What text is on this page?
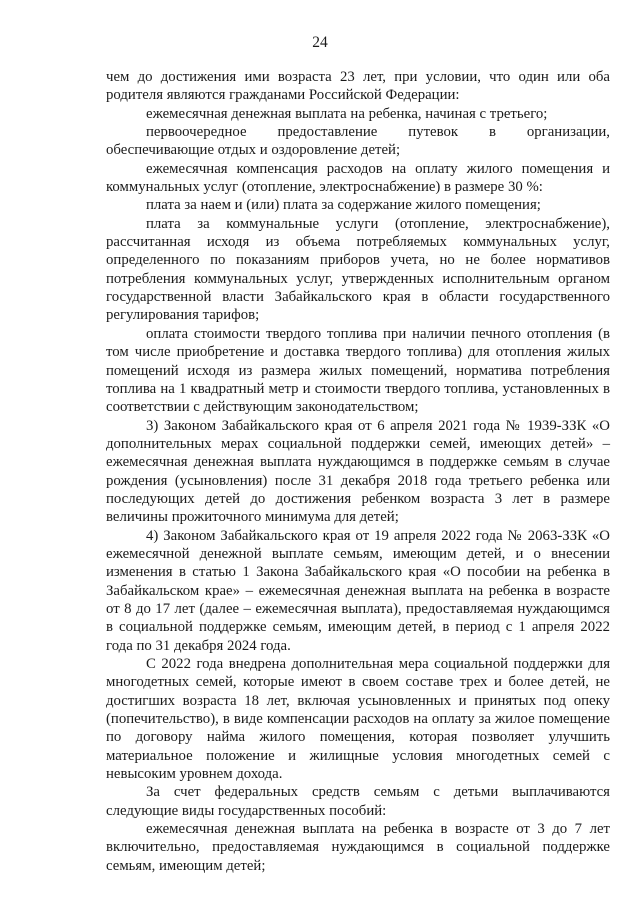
24

чем до достижения ими возраста 23 лет, при условии, что один или оба родителя являются гражданами Российской Федерации:

ежемесячная денежная выплата на ребенка, начиная с третьего;

первоочередное предоставление путевок в организации, обеспечивающие отдых и оздоровление детей;

ежемесячная компенсация расходов на оплату жилого помещения и коммунальных услуг (отопление, электроснабжение) в размере 30 %:

плата за наем и (или) плата за содержание жилого помещения;

плата за коммунальные услуги (отопление, электроснабжение), рассчитанная исходя из объема потребляемых коммунальных услуг, определенного по показаниям приборов учета, но не более нормативов потребления коммунальных услуг, утвержденных исполнительным органом государственной власти Забайкальского края в области государственного регулирования тарифов;

оплата стоимости твердого топлива при наличии печного отопления (в том числе приобретение и доставка твердого топлива) для отопления жилых помещений исходя из размера жилых помещений, норматива потребления топлива на 1 квадратный метр и стоимости твердого топлива, установленных в соответствии с действующим законодательством;

3) Законом Забайкальского края от 6 апреля 2021 года № 1939-ЗЗК «О дополнительных мерах социальной поддержки семей, имеющих детей» – ежемесячная денежная выплата нуждающимся в поддержке семьям в случае рождения (усыновления) после 31 декабря 2018 года третьего ребенка или последующих детей до достижения ребенком возраста 3 лет в размере величины прожиточного минимума для детей;

4) Законом Забайкальского края от 19 апреля 2022 года № 2063-ЗЗК «О ежемесячной денежной выплате семьям, имеющим детей, и о внесении изменения в статью 1 Закона Забайкальского края «О пособии на ребенка в Забайкальском крае» – ежемесячная денежная выплата на ребенка в возрасте от 8 до 17 лет (далее – ежемесячная выплата), предоставляемая нуждающимся в социальной поддержке семьям, имеющим детей, в период с 1 апреля 2022 года по 31 декабря 2024 года.

С 2022 года внедрена дополнительная мера социальной поддержки для многодетных семей, которые имеют в своем составе трех и более детей, не достигших возраста 18 лет, включая усыновленных и принятых под опеку (попечительство), в виде компенсации расходов на оплату за жилое помещение по договору найма жилого помещения, которая позволяет улучшить материальное положение и жилищные условия многодетных семей с невысоким уровнем дохода.

За счет федеральных средств семьям с детьми выплачиваются следующие виды государственных пособий:

ежемесячная денежная выплата на ребенка в возрасте от 3 до 7 лет включительно, предоставляемая нуждающимся в социальной поддержке семьям, имеющим детей;
